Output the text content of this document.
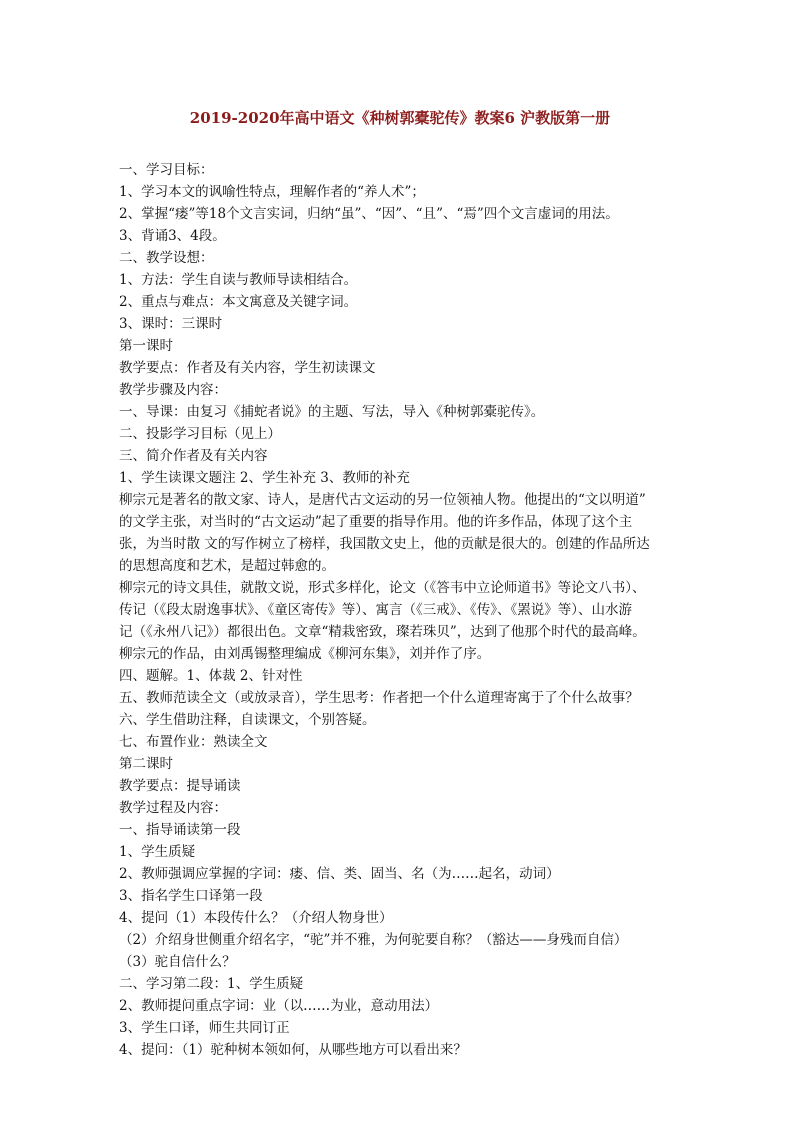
2019-2020年高中语文《种树郭橐驼传》教案6 沪教版第一册
一、学习目标：
1、学习本文的讽喻性特点，理解作者的“养人术”；
2、掌握“瘘”等18个文言实词，归纳“虽”、“因”、“且”、“焉”四个文言虚词的用法。
3、背诵3、4段。
二、教学设想：
1、方法：学生自读与教师导读相结合。
2、重点与难点：本文寓意及关键字词。
3、课时：三课时
第一课时
教学要点：作者及有关内容，学生初读课文
教学步骤及内容：
一、导课：由复习《捕蛇者说》的主题、写法，导入《种树郭橐驼传》。
二、投影学习目标（见上）
三、简介作者及有关内容
1、学生读课文题注 2、学生补充 3、教师的补充
柳宗元是著名的散文家、诗人，是唐代古文运动的另一位领袖人物。他提出的“文以明道”
的文学主张，对当时的“古文运动”起了重要的指导作用。他的许多作品，体现了这个主
张，为当时散 文的写作树立了榜样，我国散文史上，他的贡献是很大的。创建的作品所达
的思想高度和艺术，是超过韩愈的。
柳宗元的诗文具佳，就散文说，形式多样化，论文（《答韦中立论师道书》等论文八书）、
传记（《段太尉逸事状》、《童区寄传》等）、寓言（《三戒》、《传》、《罴说》等）、山水游
记（《永州八记》）都很出色。文章“精栽密致，璨若珠贝”，达到了他那个时代的最高峰。
柳宗元的作品，由刘禹锡整理编成《柳河东集》，刘并作了序。
四、题解。1、体裁 2、针对性
五、教师范读全文（或放录音），学生思考：作者把一个什么道理寄寓于了个什么故事？
六、学生借助注释，自读课文，个别答疑。
七、布置作业：熟读全文
第二课时
教学要点：提导诵读
教学过程及内容：
一、指导诵读第一段
1、学生质疑
2、教师强调应掌握的字词：瘘、信、类、固当、名（为……起名，动词）
3、指名学生口译第一段
4、提问（1）本段传什么？（介绍人物身世）
（2）介绍身世侧重介绍名字，“驼”并不雅，为何驼要自称？（豁达——身残而自信）
（3）驼自信什么？
二、学习第二段：1、学生质疑
2、教师提问重点字词：业（以……为业，意动用法）
3、学生口译，师生共同订正
4、提问：（1）驼种树本领如何，从哪些地方可以看出来？
